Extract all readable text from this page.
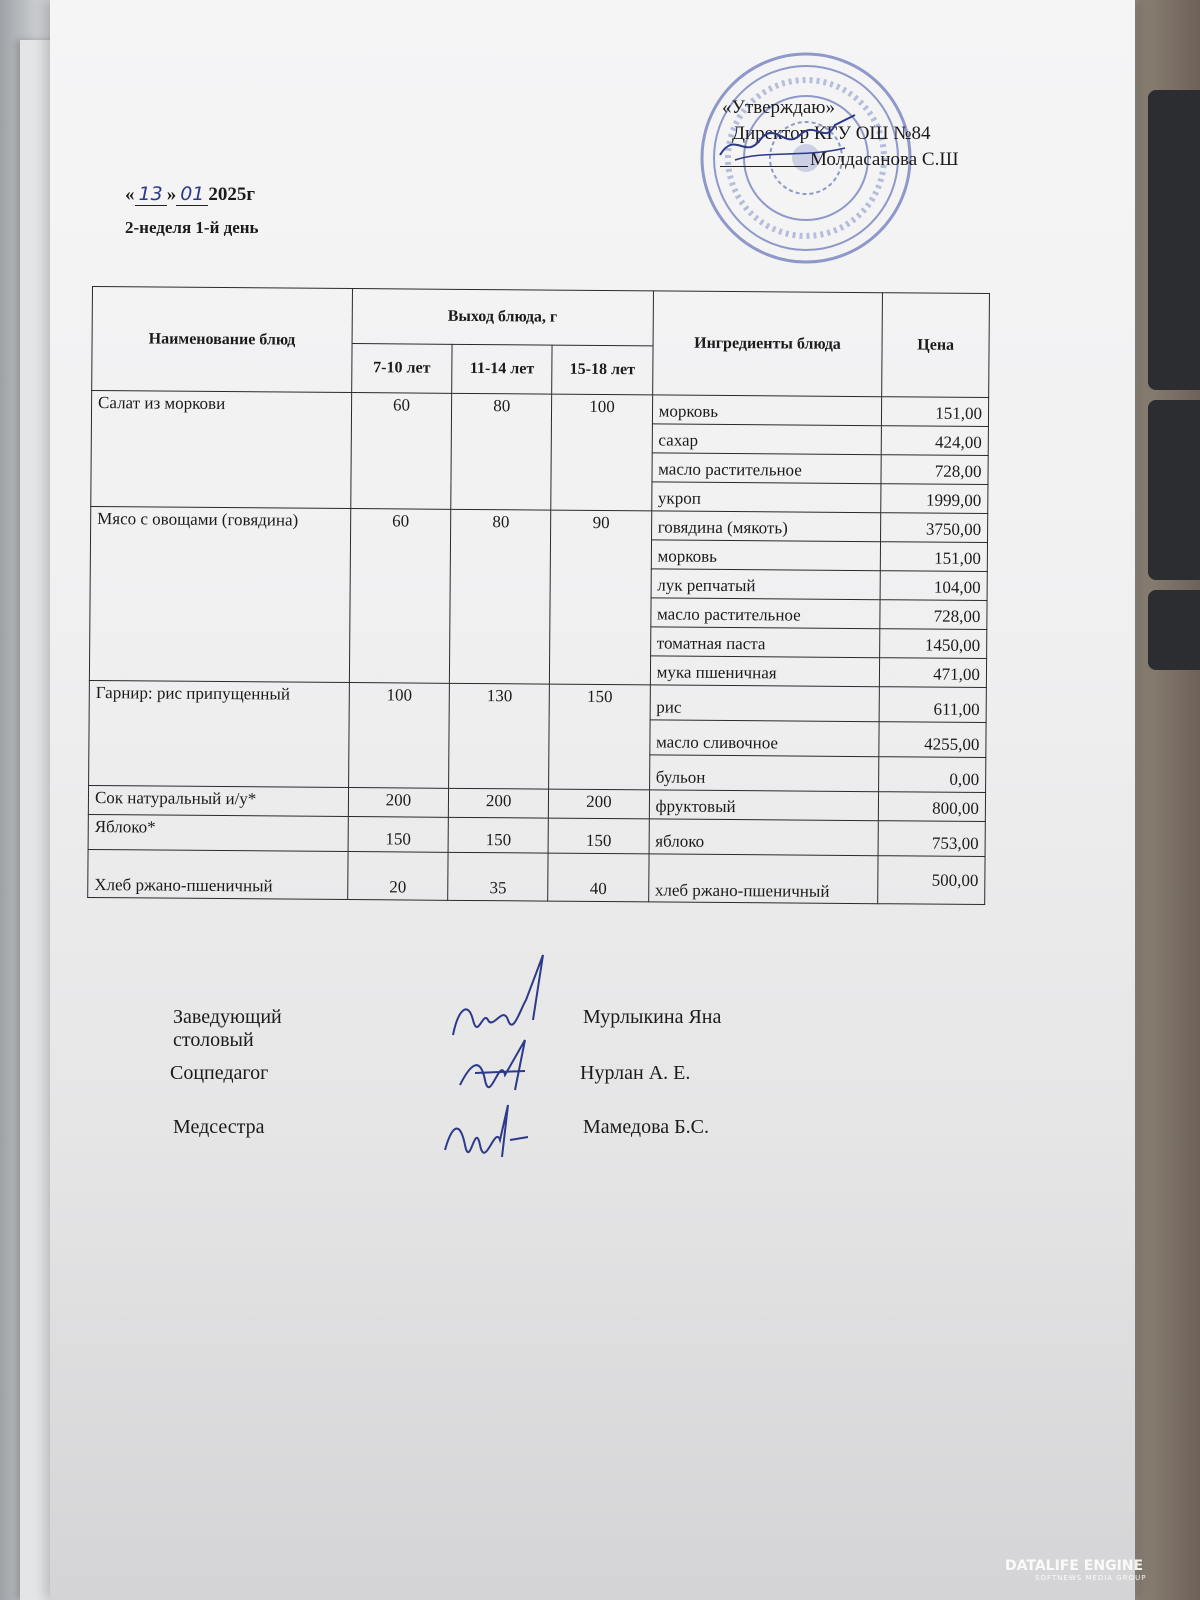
«Утверждаю»
Директор КГУ ОШ №84
Молдасанова С.Ш
« 13 » 01 2025г
2-неделя 1-й день
Наименование блюд	Выход блюда, г			Ингредиенты блюда	Цена
	7-10 лет	11-14 лет	15-18 лет		
Салат из моркови	60	80	100	морковь	151,00
				сахар	424,00
				масло растительное	728,00
				укроп	1999,00
Мясо с овощами (говядина)	60	80	90	говядина (мякоть)	3750,00
				морковь	151,00
				лук репчатый	104,00
				масло растительное	728,00
				томатная паста	1450,00
				мука пшеничная	471,00
Гарнир: рис припущенный	100	130	150	рис	611,00
				масло сливочное	4255,00
				бульон	0,00
Сок натуральный и/у*	200	200	200	фруктовый	800,00
Яблоко*	150	150	150	яблоко	753,00
Хлеб ржано-пшеничный	20	35	40	хлеб ржано-пшеничный	500,00
Заведующий столовый
Мурлыкина Яна
Соцпедагог	Нурлан А. Е.
Медсестра	Мамедова Б.С.
DATALIFE ENGINE
SOFTNEWS MEDIA GROUP
